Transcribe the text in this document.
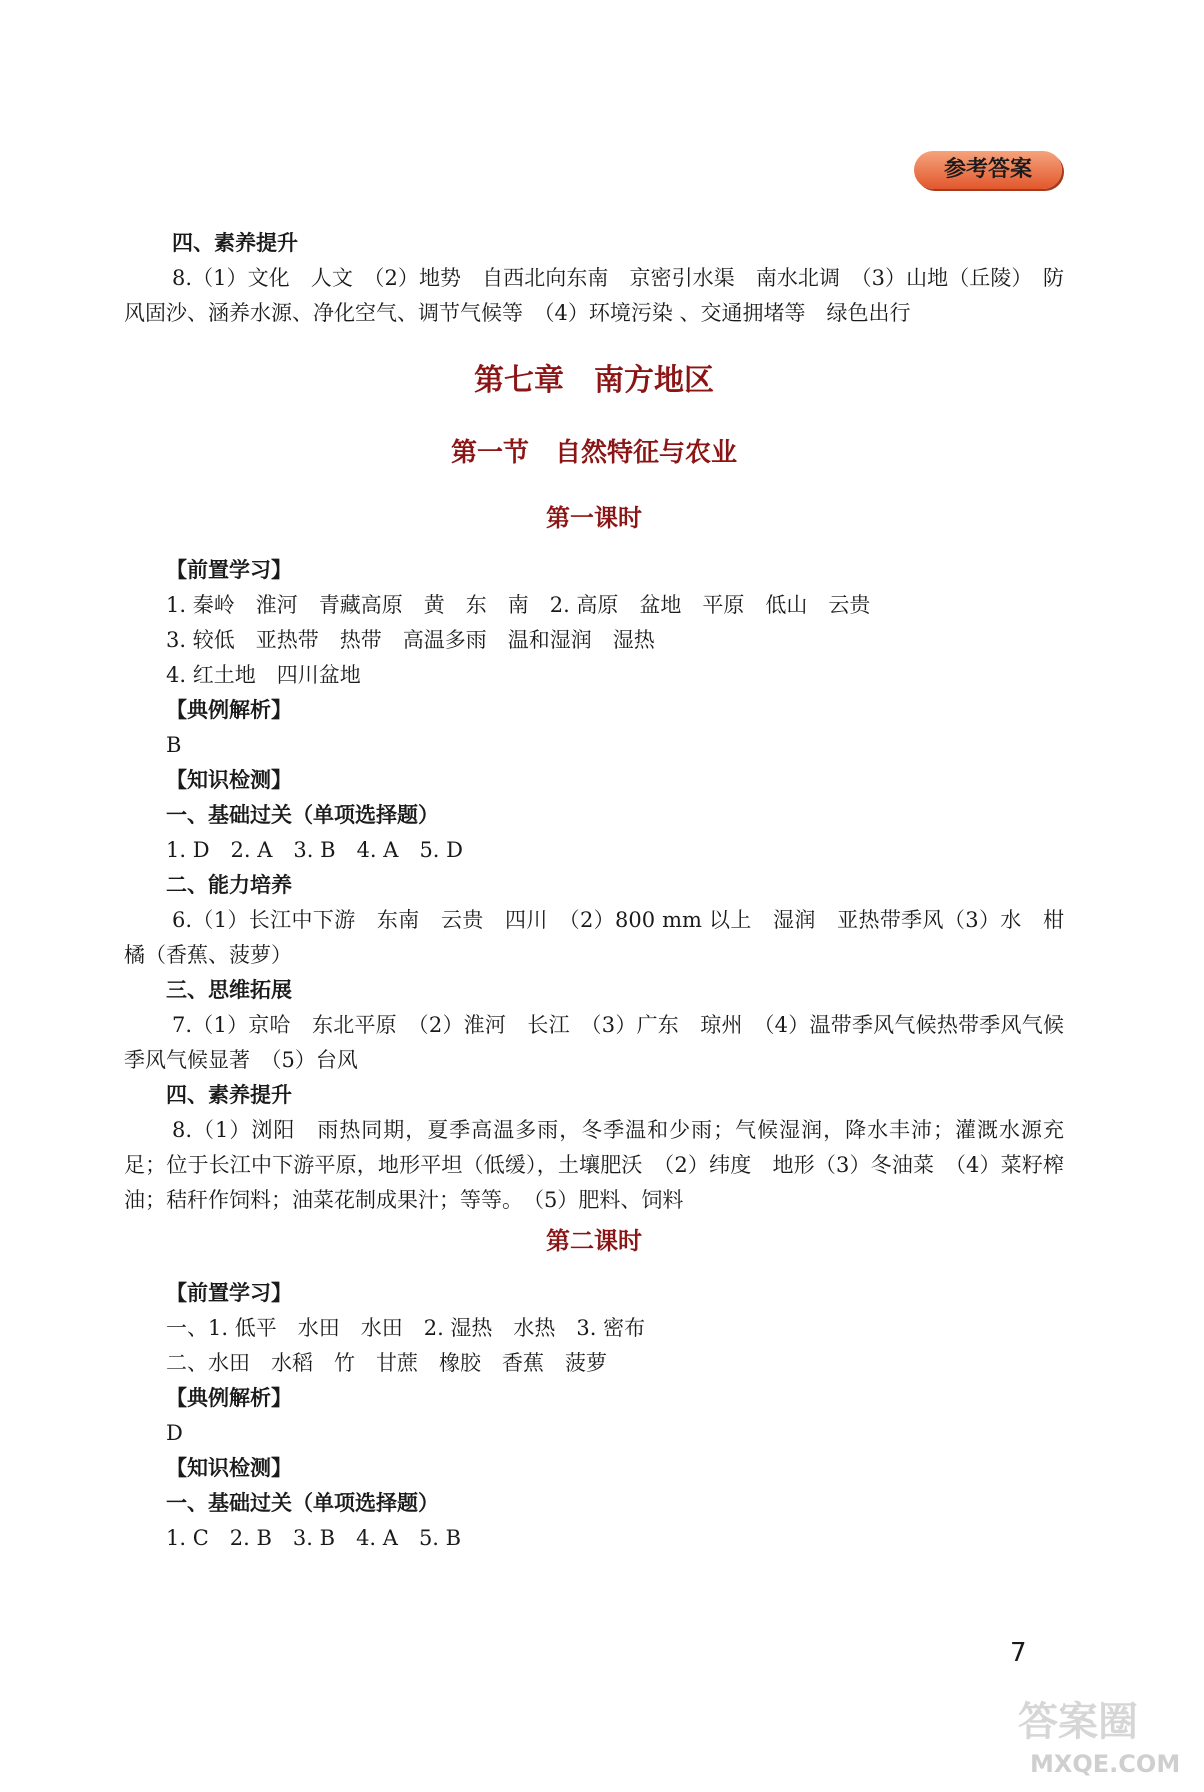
参考答案
四、素养提升
8.（1）文化　人文　（2）地势　自西北向东南　京密引水渠　南水北调　（3）山地（丘陵）　防风固沙、涵养水源、净化空气、调节气候等　（4）环境污染 、交通拥堵等　绿色出行
第七章　南方地区
第一节　自然特征与农业
第一课时
【前置学习】
1. 秦岭　淮河　青藏高原　黄　东　南　2. 高原　盆地　平原　低山　云贵
3. 较低　亚热带　热带　高温多雨　温和湿润　湿热
4. 红土地　四川盆地
【典例解析】
B
【知识检测】
一、基础过关（单项选择题）
1. D　2. A　3. B　4. A　5. D
二、能力培养
6.（1）长江中下游　东南　云贵　四川　（2）800 mm 以上　湿润　亚热带季风（3）水　柑橘（香蕉、菠萝）
三、思维拓展
7.（1）京哈　东北平原　（2）淮河　长江　（3）广东　琼州　（4）温带季风气候热带季风气候　季风气候显著　（5）台风
四、素养提升
8.（1）浏阳　雨热同期，夏季高温多雨，冬季温和少雨；气候湿润，降水丰沛；灌溉水源充足；位于长江中下游平原，地形平坦（低缓），土壤肥沃　（2）纬度　地形（3）冬油菜　（4）菜籽榨油；秸秆作饲料；油菜花制成果汁；等等。　（5）肥料、饲料
第二课时
【前置学习】
一、1. 低平　水田　水田　2. 湿热　水热　3. 密布
二、水田　水稻　竹　甘蔗　橡胶　香蕉　菠萝
【典例解析】
D
【知识检测】
一、基础过关（单项选择题）
1. C　2. B　3. B　4. A　5. B
7
答案圈
MXQE.COM
